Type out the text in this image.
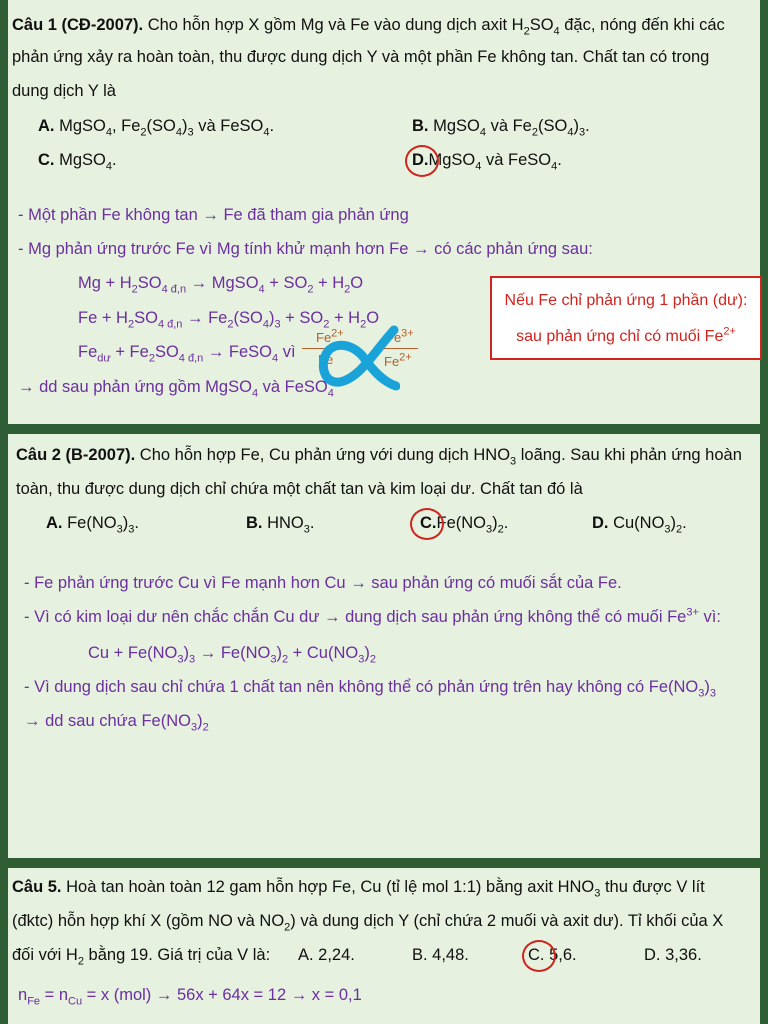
Câu 1 (CĐ-2007). Cho hỗn hợp X gồm Mg và Fe vào dung dịch axit $H_2SO_4$ đặc, nóng đến khi các
phản ứng xảy ra hoàn toàn, thu được dung dịch Y và một phần Fe không tan. Chất tan có trong
dung dịch Y là
A. MgSO$_4$, $Fe_2(SO_4)_3$ và FeSO$_4$.	B. MgSO$_4$ và $Fe_2(SO_4)_3$.
C. MgSO$_4$.	D.MgSO$_4$ và FeSO$_4$.
- Một phần Fe không tan → Fe đã tham gia phản ứng
- Mg phản ứng trước Fe vì Mg tính khử mạnh hơn Fe → có các phản ứng sau:
$Mg + H_2SO_{4 đ,n}$ → MgSO$_4$ + $SO_2 + H_2O$
$Fe + H_2SO_{4 đ,n} \to Fe_2(SO_4)_3 + SO_2 + H_2O$
$Fe_{dư} + Fe_2SO_{4 đ,n}$ → FeSO$_4$ vì
$Fe^{2+}$
Fe
$Fe^{3+}$
$Fe^{2+}$
→ dd sau phản ứng gồm MgSO$_4$ và FeSO$_4$
Nếu Fe chỉ phản ứng 1 phần (dư):
sau phản ứng chỉ có muối $Fe^{2+}$
Câu 2 (B-2007). Cho hỗn hợp Fe, Cu phản ứng với dung dịch $HNO_3$ loãng. Sau khi phản ứng hoàn
toàn, thu được dung dịch chỉ chứa một chất tan và kim loại dư. Chất tan đó là
A. $Fe(NO_3)_3$.	B. $HNO_3$.	$C.Fe(NO_3)_2$.	D. $Cu(NO_3)_2$.
- Fe phản ứng trước Cu vì Fe mạnh hơn Cu → sau phản ứng có muối sắt của Fe.
- Vì có kim loại dư nên chắc chắn Cu dư → dung dịch sau phản ứng không thể có muối $Fe^{3+}$ vì:
$Cu + Fe(NO_3)_3 \to Fe(NO_3)_2 + Cu(NO_3)_2$
- Vì dung dịch sau chỉ chứa 1 chất tan nên không thể có phản ứng trên hay không có $Fe(NO_3)_3$
→ dd sau chứa $Fe(NO_3)_2$
Câu 5. Hoà tan hoàn toàn 12 gam hỗn hợp Fe, Cu (tỉ lệ mol 1:1) bằng axit $HNO_3$ thu được V lít
(đktc) hỗn hợp khí X (gồm NO và $NO_2$) và dung dịch Y (chỉ chứa 2 muối và axit dư). Tỉ khối của X
đối với $H_2$ bằng 19. Giá trị của V là: A. 2,24.	B. 4,48.	C. 5,6.	D. 3,36.
$n_{Fe} = n_{Cu} = x$ (mol) → 56x + 64x = 12 → x = 0,1
